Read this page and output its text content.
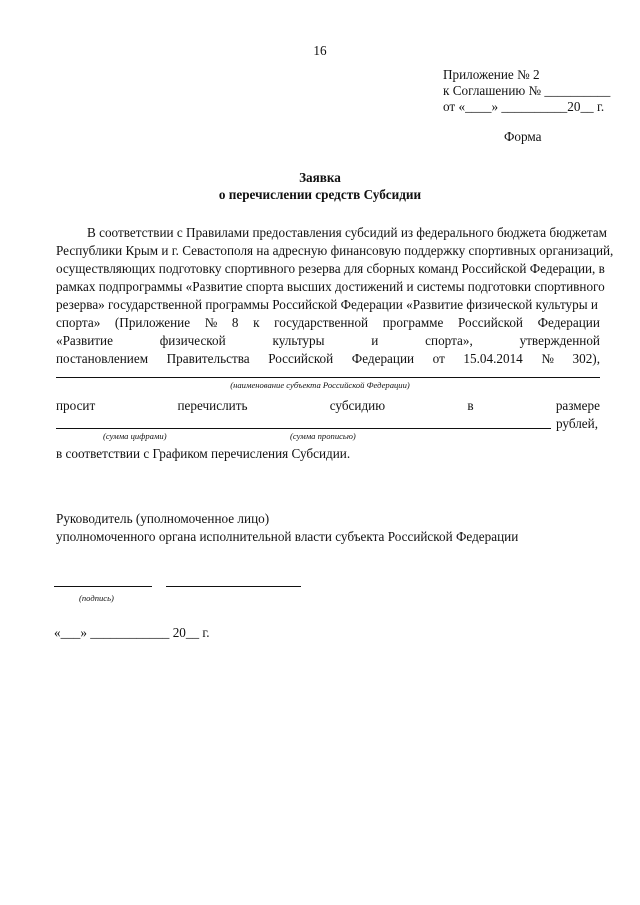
16
Приложение № 2
к Соглашению № __________
от «____» __________20__ г.
Форма
Заявка
о перечислении средств Субсидии
В соответствии с Правилами предоставления субсидий из федерального бюджета бюджетам
Республики Крым и г. Севастополя на адресную финансовую поддержку спортивных организаций,
осуществляющих подготовку спортивного резерва для сборных команд Российской Федерации, в
рамках подпрограммы «Развитие спорта высших достижений и системы подготовки спортивного
резерва» государственной программы Российской Федерации «Развитие физической культуры и
спорта» (Приложение № 8 к государственной программе Российской Федерации
«Развитие	физической	культуры	и	спорта»,	утвержденной
постановлением Правительства Российской Федерации от 15.04.2014 № 302),
(наименование субъекта Российской Федерации)
просит	перечислить	субсидию	в	размере
рублей,
(сумма цифрами)	(сумма прописью)
в соответствии с Графиком перечисления Субсидии.
Руководитель (уполномоченное лицо)
уполномоченного органа исполнительной власти субъекта Российской Федерации
(подпись)
«___» ____________ 20__ г.
